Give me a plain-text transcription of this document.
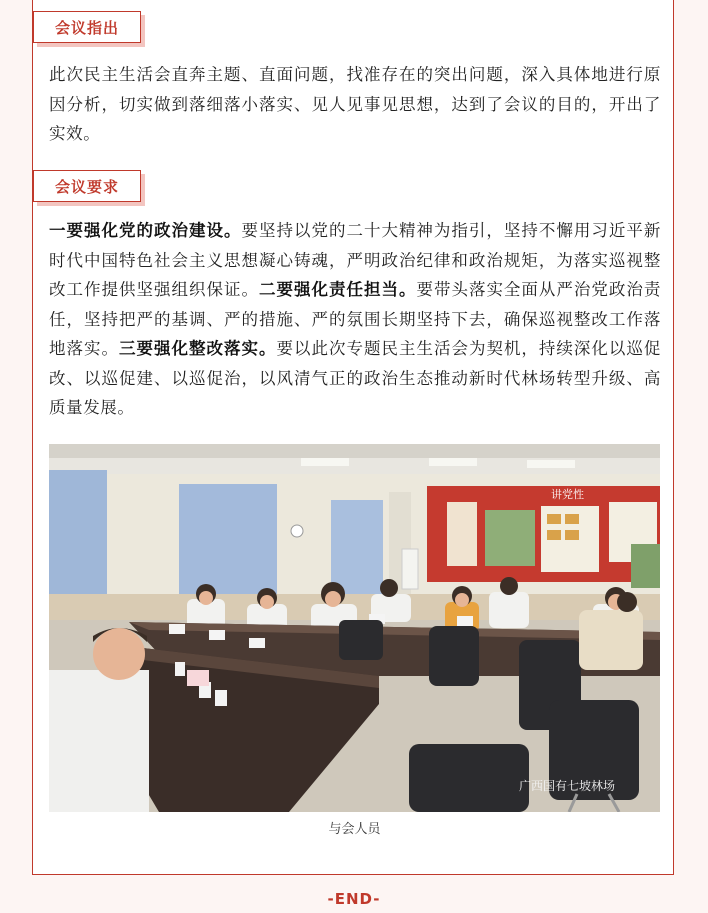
会议指出
此次民主生活会直奔主题、直面问题，找准存在的突出问题，深入具体地进行原因分析，切实做到落细落小落实、见人见事见思想，达到了会议的目的，开出了实效。
会议要求
一要强化党的政治建设。要坚持以党的二十大精神为指引，坚持不懈用习近平新时代中国特色社会主义思想凝心铸魂，严明政治纪律和政治规矩，为落实巡视整改工作提供坚强组织保证。二要强化责任担当。要带头落实全面从严治党政治责任，坚持把严的基调、严的措施、严的氛围长期坚持下去，确保巡视整改工作落地落实。三要强化整改落实。要以此次专题民主生活会为契机，持续深化以巡促改、以巡促建、以巡促治，以风清气正的政治生态推动新时代林场转型升级、高质量发展。
讲党性
广西国有七坡林场
与会人员
-END-
